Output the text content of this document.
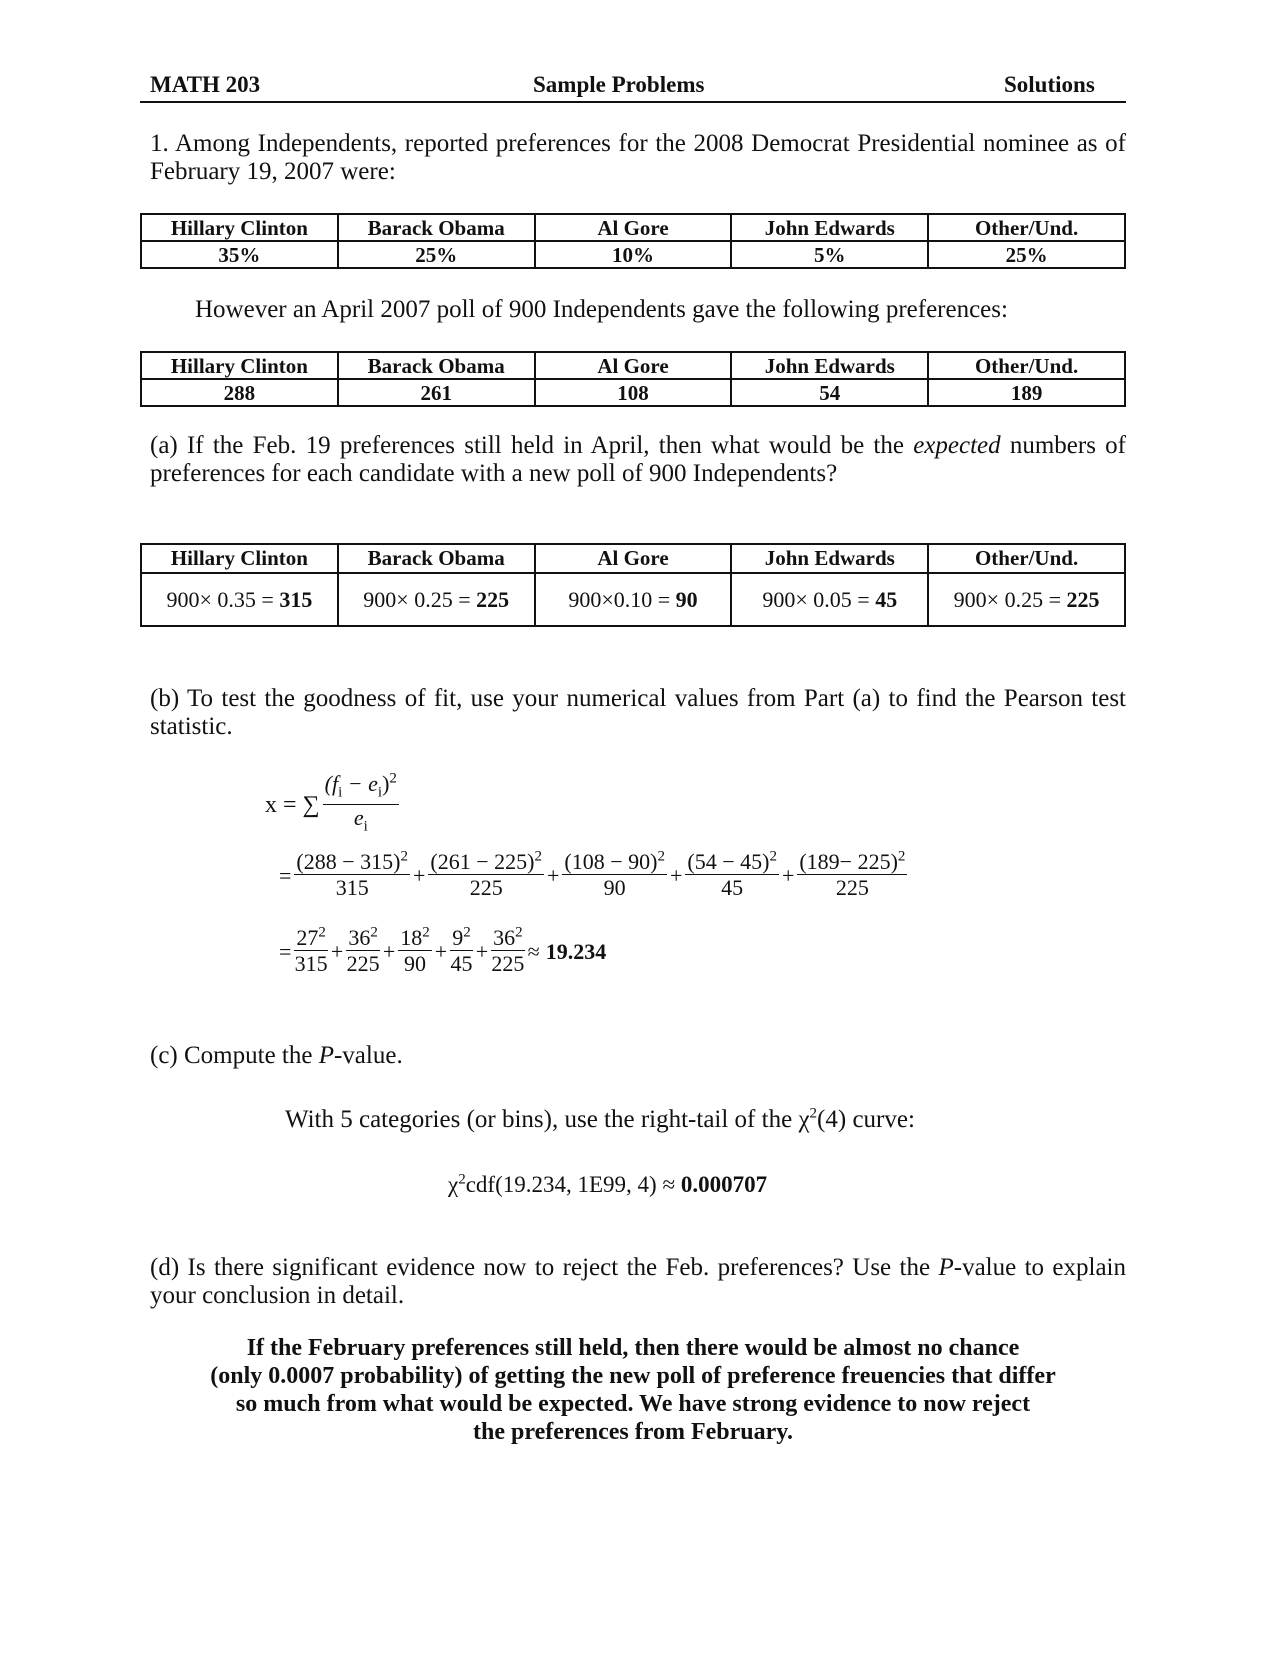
MATH 203	Sample Problems	Solutions
1. Among Independents, reported preferences for the 2008 Democrat Presidential nominee as of February 19, 2007 were:
Hillary Clinton	Barack Obama	Al Gore	John Edwards	Other/Und.
35%	25%	10%	5%	25%
However an April 2007 poll of 900 Independents gave the following preferences:
Hillary Clinton	Barack Obama	Al Gore	John Edwards	Other/Und.
288	261	108	54	189
(a) If the Feb. 19 preferences still held in April, then what would be the expected numbers of preferences for each candidate with a new poll of 900 Independents?
Hillary Clinton	Barack Obama	Al Gore	John Edwards	Other/Und.
900× 0.35 = 315	900× 0.25 = 225	900×0.10 = 90	900× 0.05 = 45	900× 0.25 = 225
(b) To test the goodness of fit, use your numerical values from Part (a) to find the Pearson test statistic.
x = ∑ $\frac{(f_i - e_i)^2}{e_i}$
= $\frac{(288 - 315)^2}{315} + \frac{(261 - 225)^2}{225} + \frac{(108 - 90)^2}{90} + \frac{(54 - 45)^2}{45} + \frac{(189- 225)^2}{225}$
= $\frac{27^2}{315} + \frac{36^2}{225} + \frac{18^2}{90} + \frac{9^2}{45} + \frac{36^2}{225} \approx 19.234$
(c) Compute the P-value.
With 5 categories (or bins), use the right-tail of the $\chi^2(4)$ curve:
$\chi^2cdf(19.234$, 1E99, 4) ≈ 0.000707
(d) Is there significant evidence now to reject the Feb. preferences? Use the P-value to explain your conclusion in detail.
If the February preferences still held, then there would be almost no chance
(only 0.0007 probability) of getting the new poll of preference freuencies that differ
so much from what would be expected. We have strong evidence to now reject
the preferences from February.
